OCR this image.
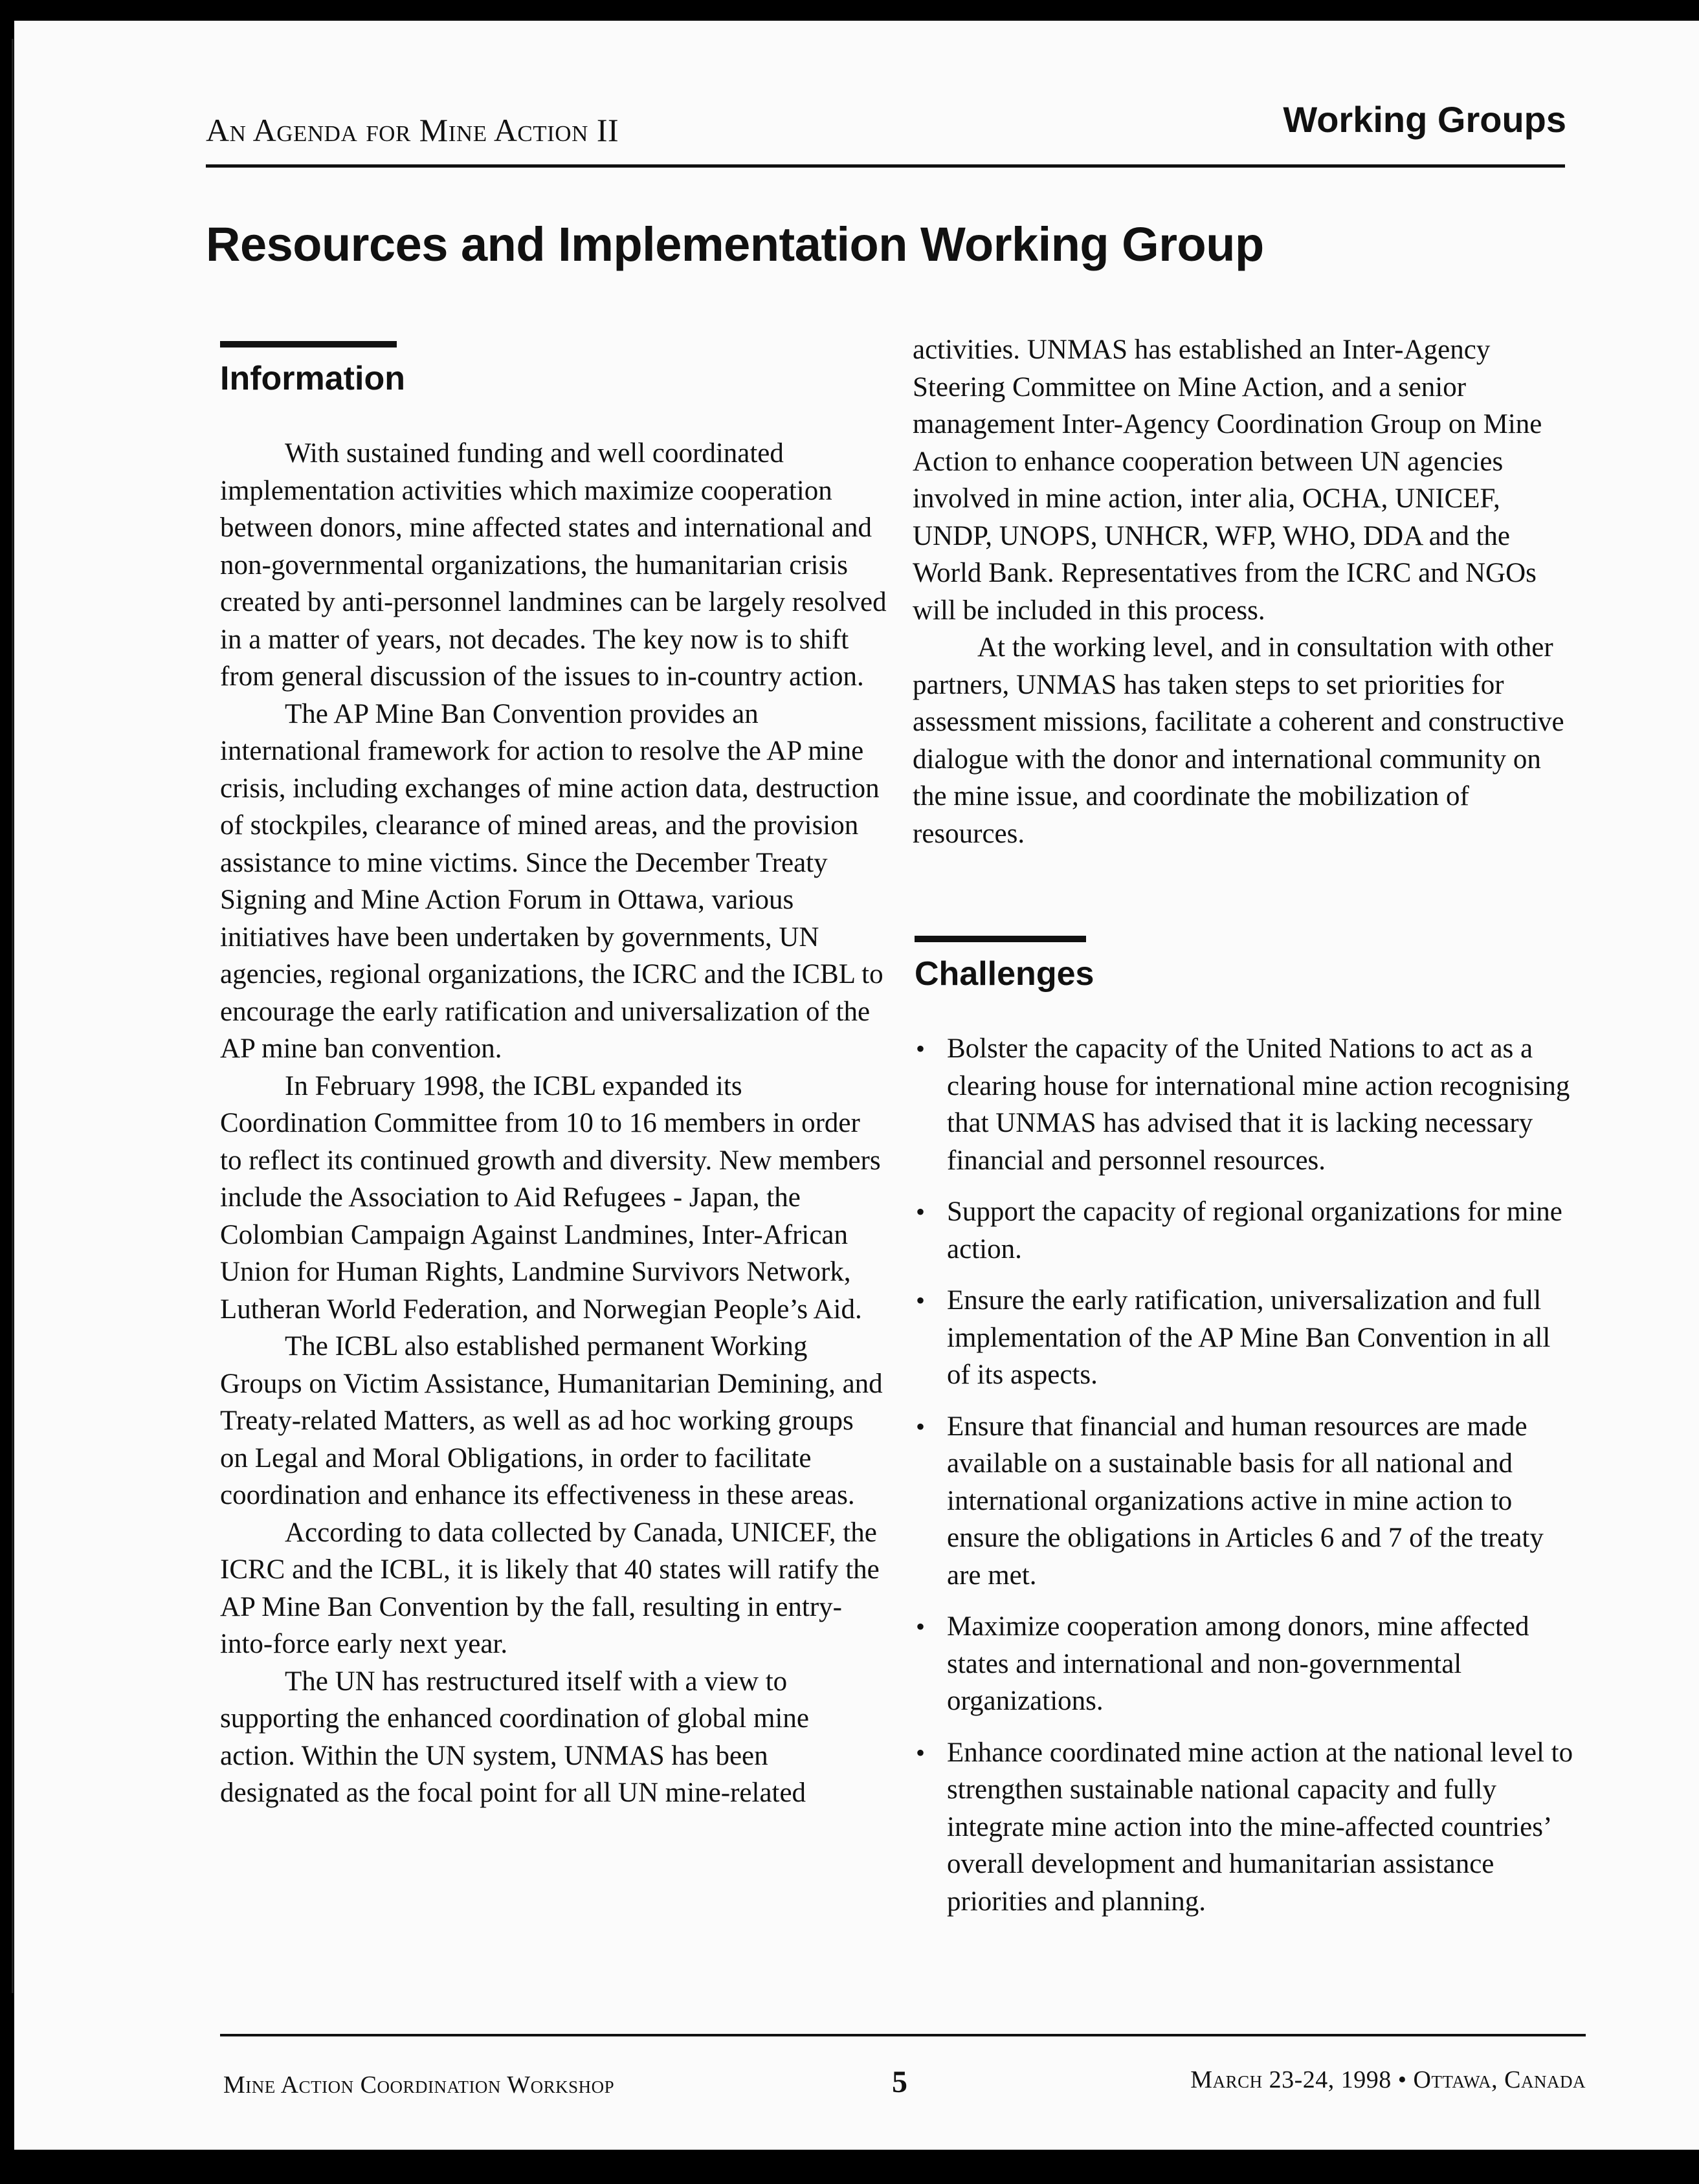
An Agenda for Mine Action II	Working Groups
Resources and Implementation Working Group
Information

With sustained funding and well coordinated implementation activities which maximize cooperation between donors, mine affected states and international and non-governmental organizations, the humanitarian crisis created by anti-personnel landmines can be largely resolved in a matter of years, not decades. The key now is to shift from general discussion of the issues to in-country action.

The AP Mine Ban Convention provides an international framework for action to resolve the AP mine crisis, including exchanges of mine action data, destruction of stockpiles, clearance of mined areas, and the provision assistance to mine victims. Since the December Treaty Signing and Mine Action Forum in Ottawa, various initiatives have been undertaken by governments, UN agencies, regional organizations, the ICRC and the ICBL to encourage the early ratification and universalization of the AP mine ban convention.

In February 1998, the ICBL expanded its Coordination Committee from 10 to 16 members in order to reflect its continued growth and diversity. New members include the Association to Aid Refugees - Japan, the Colombian Campaign Against Landmines, Inter-African Union for Human Rights, Landmine Survivors Network, Lutheran World Federation, and Norwegian People’s Aid.

The ICBL also established permanent Working Groups on Victim Assistance, Humanitarian Demining, and Treaty-related Matters, as well as ad hoc working groups on Legal and Moral Obligations, in order to facilitate coordination and enhance its effectiveness in these areas.

According to data collected by Canada, UNICEF, the ICRC and the ICBL, it is likely that 40 states will ratify the AP Mine Ban Convention by the fall, resulting in entry-into-force early next year.

The UN has restructured itself with a view to supporting the enhanced coordination of global mine action. Within the UN system, UNMAS has been designated as the focal point for all UN mine-related

activities. UNMAS has established an Inter-Agency Steering Committee on Mine Action, and a senior management Inter-Agency Coordination Group on Mine Action to enhance cooperation between UN agencies involved in mine action, inter alia, OCHA, UNICEF, UNDP, UNOPS, UNHCR, WFP, WHO, DDA and the World Bank. Representatives from the ICRC and NGOs will be included in this process.

At the working level, and in consultation with other partners, UNMAS has taken steps to set priorities for assessment missions, facilitate a coherent and constructive dialogue with the donor and international community on the mine issue, and coordinate the mobilization of resources.

Challenges
• Bolster the capacity of the United Nations to act as a clearing house for international mine action recognising that UNMAS has advised that it is lacking necessary financial and personnel resources.
• Support the capacity of regional organizations for mine action.
• Ensure the early ratification, universalization and full implementation of the AP Mine Ban Convention in all of its aspects.
• Ensure that financial and human resources are made available on a sustainable basis for all national and international organizations active in mine action to ensure the obligations in Articles 6 and 7 of the treaty are met.
• Maximize cooperation among donors, mine affected states and international and non-governmental organizations.
• Enhance coordinated mine action at the national level to strengthen sustainable national capacity and fully integrate mine action into the mine-affected countries’ overall development and humanitarian assistance priorities and planning.
Mine Action Coordination Workshop	5	March 23-24, 1998 • Ottawa, Canada
